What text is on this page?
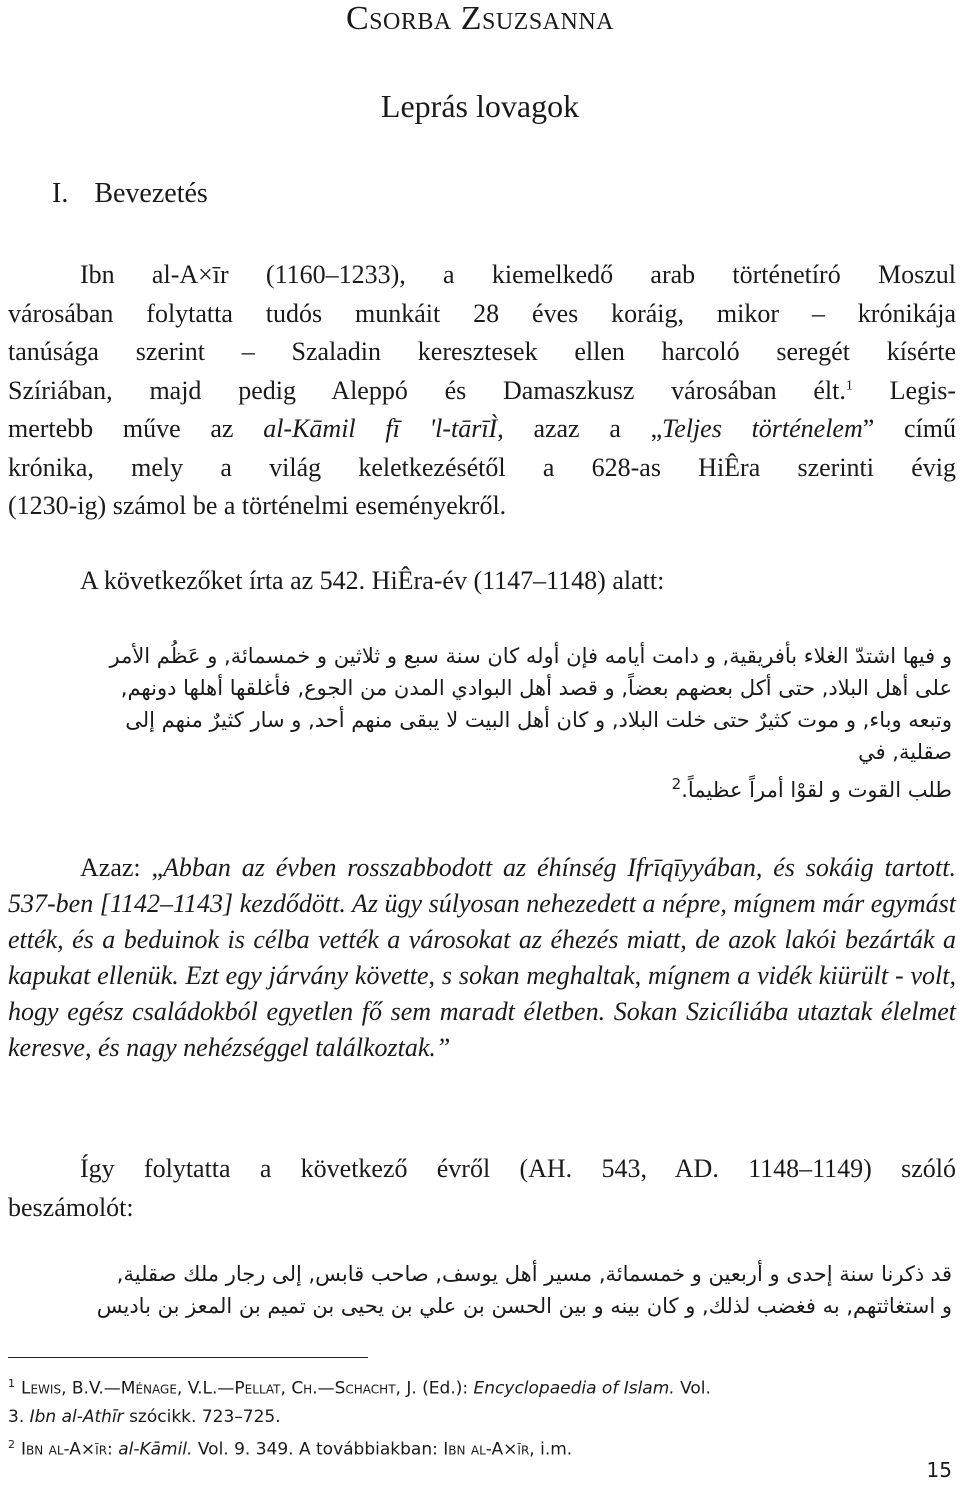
Csorba Zsuzsanna
Leprás lovagok
I. Bevezetés

Ibn al-A×īr (1160–1233), a kiemelkedő arab történetíró Moszul

városában folytatta tudós munkáit 28 éves koráig, mikor – krónikája

tanúsága szerint – Szaladin keresztesek ellen harcoló seregét kísérte

Szíriában, majd pedig Aleppó és Damaszkusz városában élt.$^1$ Legis-

mertebb műve az al-Kāmil fī 'l-tārīÌ, azaz a „Teljes történelem” című

krónika, mely a világ keletkezésétől a 628-as HiÊra szerinti évig

(1230-ig) számol be a történelmi eseményekről.

A következőket írta az 542. HiÊra-év (1147–1148) alatt:

و فيها اشتدّ الغلاء بأفريقية, و دامت أيامه فإن أوله كان سنة سبع و ثلاثين و خمسمائة, و عَظُم الأمر

على أهل البلاد, حتى أكل بعضهم بعضاً, و قصد أهل البوادي المدن من الجوع, فأغلقها أهلها دونهم,

وتبعه وباء, و موت كثيرٌ حتى خلت البلاد, و كان أهل البيت لا يبقى منهم أحد, و سار كثيرٌ منهم إلى

صقلية, في

طلب القوت و لقوْا أمراً عظيماً.$^2$

Azaz: „Abban az évben rosszabbodott az éhínség Ifrīqīyyában, és sokáig tartott. 537-ben [1142–1143] kezdődött. Az ügy súlyosan nehezedett a népre, mígnem már egymást ették, és a beduinok is célba vették a városokat az éhezés miatt, de azok lakói bezárták a kapukat ellenük. Ezt egy járvány követte, s sokan meghaltak, mígnem a vidék kiürült - volt, hogy egész családokból egyetlen fő sem maradt életben. Sokan Szicíliába utaztak élelmet keresve, és nagy nehézséggel találkoztak.”

Így folytatta a következő évről (AH. 543, AD. 1148–1149) szóló

beszámolót:

قد ذكرنا سنة إحدى و أربعين و خمسمائة, مسير أهل يوسف, صاحب قابس, إلى رجار ملك صقلية,

و استغاثتهم, به فغضب لذلك, و كان بينه و بين الحسن بن علي بن يحيى بن تميم بن المعز بن باديس

$^1$ Lewis, B.V.—Ménage, V.L.—Pellat, Ch.—Schacht, J. (Ed.): Encyclopaedia of Islam. Vol.

3. Ibn al-Athīr szócikk. 723–725.

$^2$ Ibn al-A×īr: al-Kāmil. Vol. 9. 349. A továbbiakban: Ibn al-A×īr, i.m.

15
